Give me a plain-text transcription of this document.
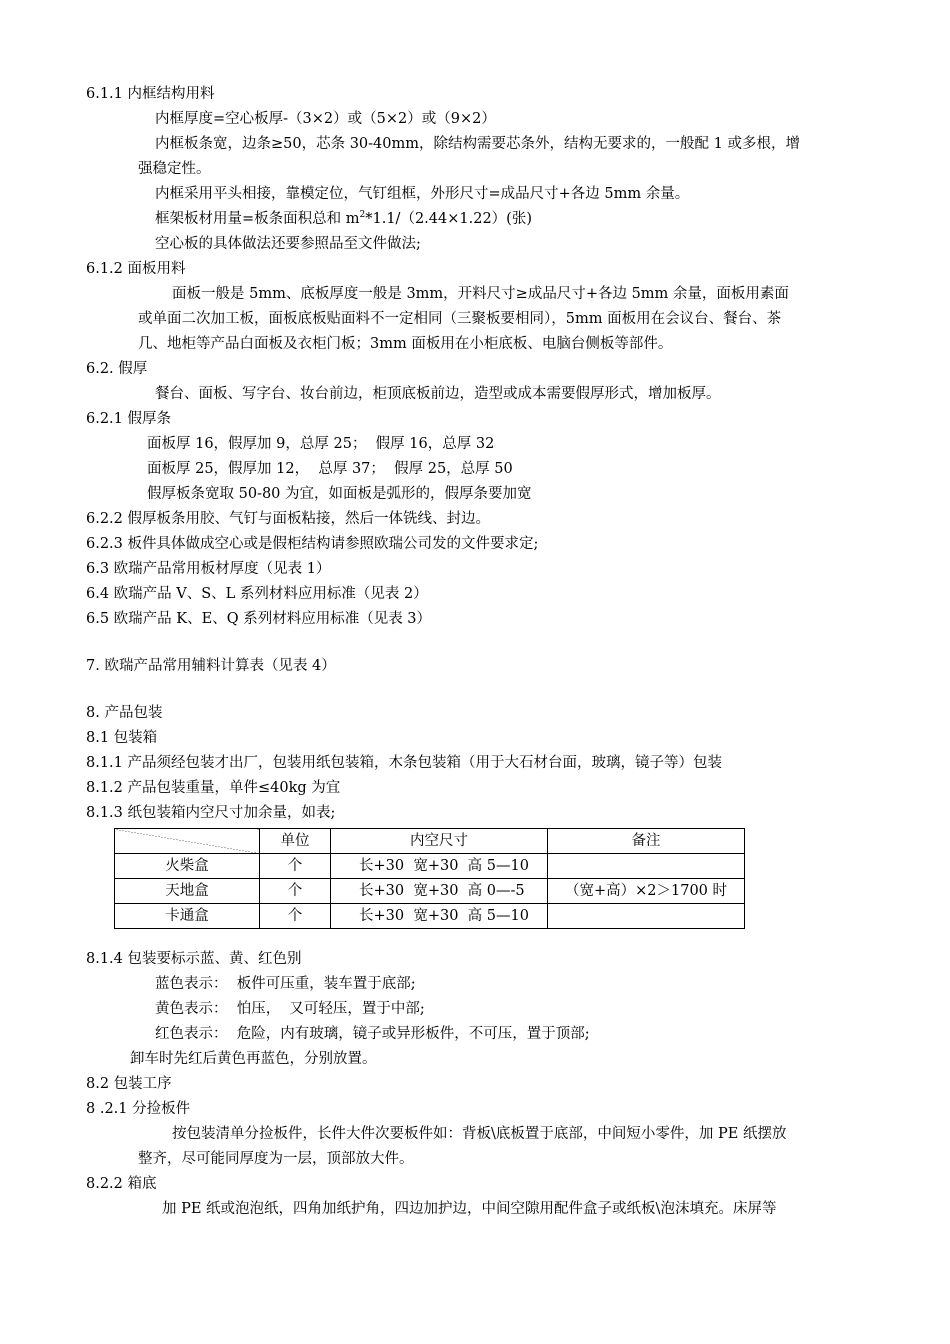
6.1.1 内框结构用料
内框厚度=空心板厚-（3×2）或（5×2）或（9×2）
内框板条宽，边条≥50，芯条 30-40mm，除结构需要芯条外，结构无要求的，一般配 1 或多根，增
强稳定性。
内框采用平头相接，靠模定位，气钉组框，外形尺寸=成品尺寸+各边 5mm 余量。
框架板材用量=板条面积总和 $m^2*1.1/(2.44\times 1.22)$(张)
空心板的具体做法还要参照品至文件做法;
6.1.2 面板用料
面板一般是 5mm、底板厚度一般是 3mm，开料尺寸≥成品尺寸+各边 5mm 余量，面板用素面
或单面二次加工板，面板底板贴面料不一定相同（三聚板要相同），5mm 面板用在会议台、餐台、茶
几、地柜等产品白面板及衣柜门板；3mm 面板用在小柜底板、电脑台侧板等部件。
6.2. 假厚
餐台、面板、写字台、妆台前边，柜顶底板前边，造型或成本需要假厚形式，增加板厚。
6.2.1 假厚条
面板厚 16，假厚加 9，总厚 25；  假厚 16，总厚 32
面板厚 25，假厚加 12，  总厚 37；  假厚 25，总厚 50
假厚板条宽取 50-80 为宜，如面板是弧形的，假厚条要加宽
6.2.2 假厚板条用胶、气钉与面板粘接，然后一体铣线、封边。
6.2.3 板件具体做成空心或是假柜结构请参照欧瑞公司发的文件要求定;
6.3 欧瑞产品常用板材厚度（见表 1）
6.4 欧瑞产品 V、S、L 系列材料应用标准（见表 2）
6.5 欧瑞产品 K、E、Q 系列材料应用标准（见表 3）
7. 欧瑞产品常用辅料计算表（见表 4）
8. 产品包装
8.1 包装箱
8.1.1 产品须经包装才出厂，包装用纸包装箱，木条包装箱（用于大石材台面，玻璃，镜子等）包装
8.1.2 产品包装重量，单件≤40kg 为宜
8.1.3 纸包装箱内空尺寸加余量，如表;
	单位	内空尺寸	备注
火柴盒	个	长+30  宽+30  高 5—10	
天地盒	个	长+30  宽+30  高 0—-5	（宽+高）×2＞1700 时
卡通盒	个	长+30  宽+30  高 5—10	
8.1.4 包装要标示蓝、黄、红色别
蓝色表示：  板件可压重，装车置于底部;
黄色表示：  怕压，  又可轻压，置于中部;
红色表示：  危险，内有玻璃，镜子或异形板件，不可压，置于顶部;
卸车时先红后黄色再蓝色，分别放置。
8.2 包装工序
8 .2.1 分捡板件
按包装清单分捡板件，长件大件次要板件如：背板\底板置于底部，中间短小零件，加 PE 纸摆放
整齐，尽可能同厚度为一层，顶部放大件。
8.2.2 箱底
加 PE 纸或泡泡纸，四角加纸护角，四边加护边，中间空隙用配件盒子或纸板\泡沫填充。床屏等
